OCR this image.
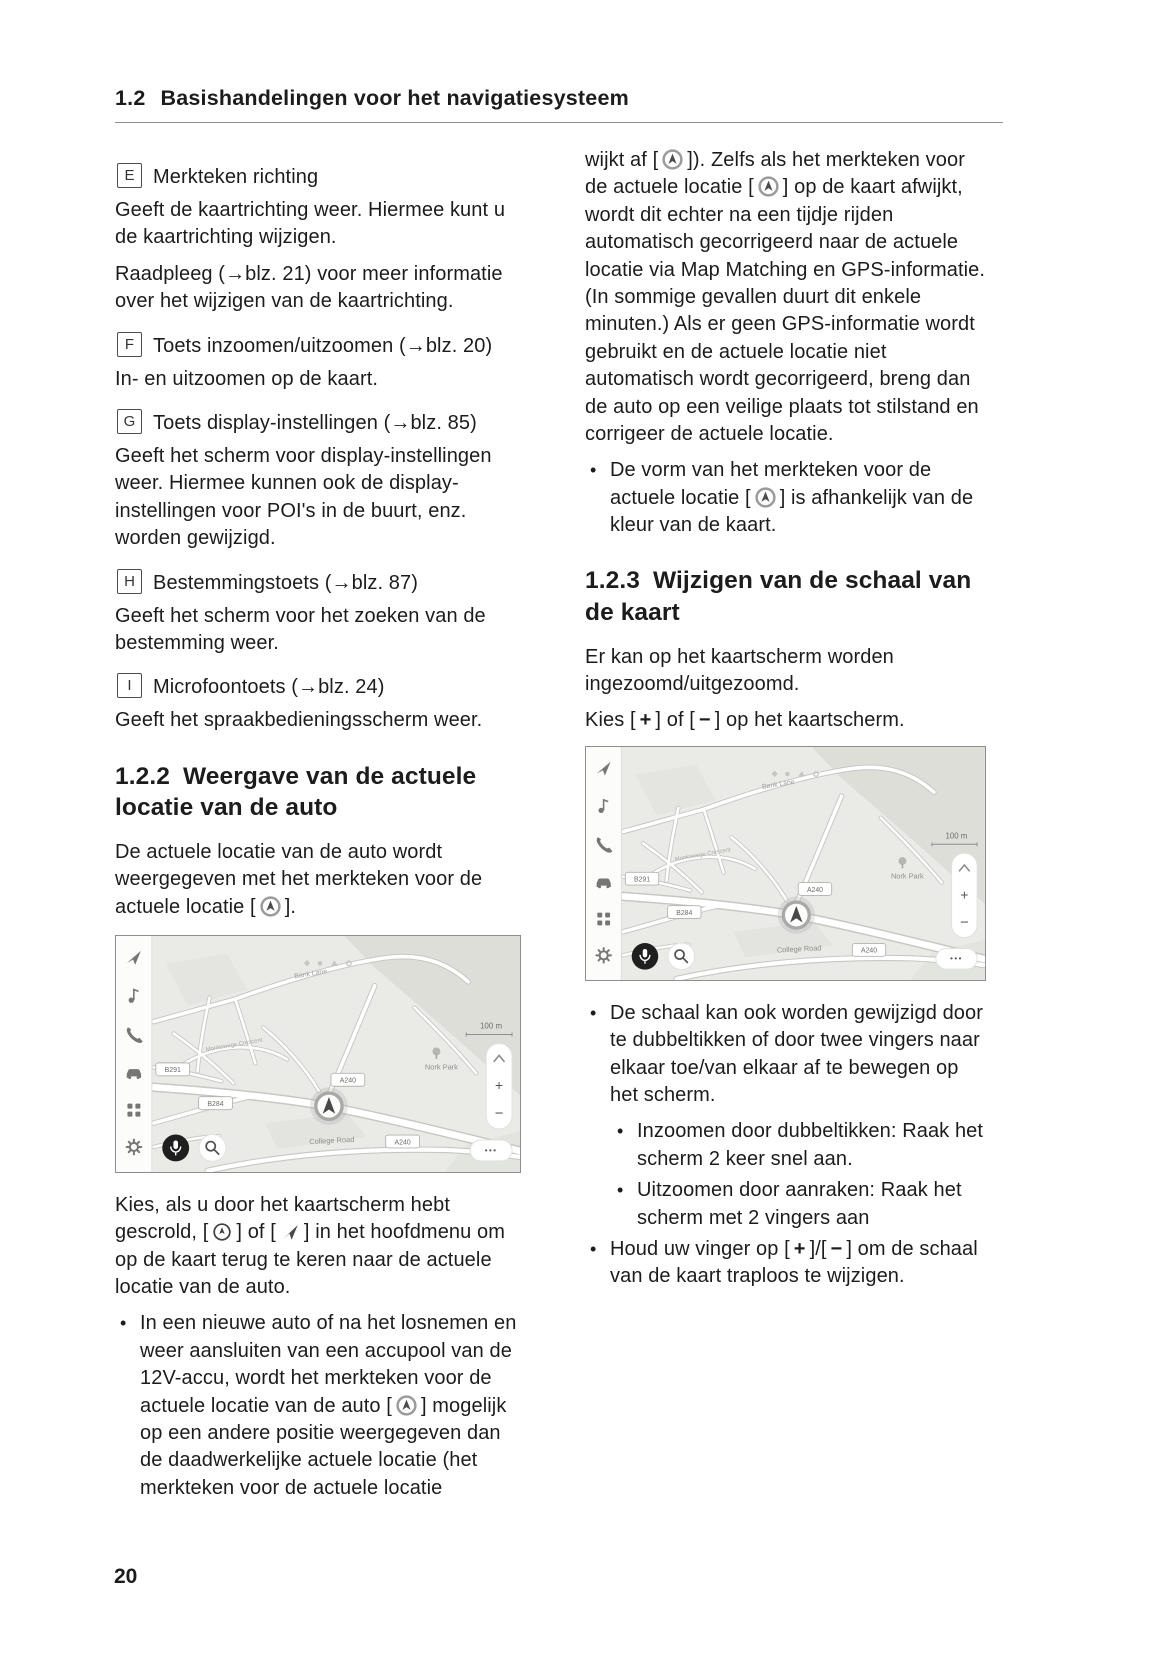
1.2 Basishandelingen voor het navigatiesysteem
E Merkteken richting

Geeft de kaartrichting weer. Hiermee kunt u de kaartrichting wijzigen.

Raadpleeg (→blz. 21) voor meer informatie over het wijzigen van de kaartrichting.

F Toets inzoomen/uitzoomen (→blz. 20)

In- en uitzoomen op de kaart.

G Toets display-instellingen (→blz. 85)

Geeft het scherm voor display-instellingen weer. Hiermee kunnen ook de display-instellingen voor POI's in de buurt, enz. worden gewijzigd.

H Bestemmingstoets (→blz. 87)

Geeft het scherm voor het zoeken van de bestemming weer.

I	Microfoontoets (→blz. 24)

Geeft het spraakbedieningsscherm weer.

1.2.2 Weergave van de actuele locatie van de auto

De actuele locatie van de auto wordt weergegeven met het merkteken voor de actuele locatie [ ].

Bank Lane
Monkswege Crescent
College Road
Nork Park
B291
B284
A240
A240
100 m
+
−
•••

Kies, als u door het kaartscherm hebt gescrold, [ ] of [ ] in het hoofdmenu om op de kaart terug te keren naar de actuele locatie van de auto.

• In een nieuwe auto of na het losnemen en weer aansluiten van een accupool van de 12V-accu, wordt het merkteken voor de actuele locatie van de auto [ ] mogelijk op een andere positie weergegeven dan de daadwerkelijke actuele locatie (het merkteken voor de actuele locatie

wijkt af [ ]). Zelfs als het merkteken voor de actuele locatie [ ] op de kaart afwijkt, wordt dit echter na een tijdje rijden automatisch gecorrigeerd naar de actuele locatie via Map Matching en GPS-informatie. (In sommige gevallen duurt dit enkele minuten.) Als er geen GPS-informatie wordt gebruikt en de actuele locatie niet automatisch wordt gecorrigeerd, breng dan de auto op een veilige plaats tot stilstand en corrigeer de actuele locatie.

• De vorm van het merkteken voor de actuele locatie [ ] is afhankelijk van de kleur van de kaart.
1.2.3 Wijzigen van de schaal van de kaart

Er kan op het kaartscherm worden ingezoomd/uitgezoomd.

Kies [ + ] of [ − ] op het kaartscherm.

Bank Lane
Monkswege Crescent
College Road
Nork Park
B291
B284
A240
A240
100 m
+
−
•••
• De schaal kan ook worden gewijzigd door te dubbeltikken of door twee vingers naar elkaar toe/van elkaar af te bewegen op het scherm.
• Inzoomen door dubbeltikken: Raak het scherm 2 keer snel aan.
• Uitzoomen door aanraken: Raak het scherm met 2 vingers aan
• Houd uw vinger op [ + ]/[ − ] om de schaal van de kaart traploos te wijzigen.
20
